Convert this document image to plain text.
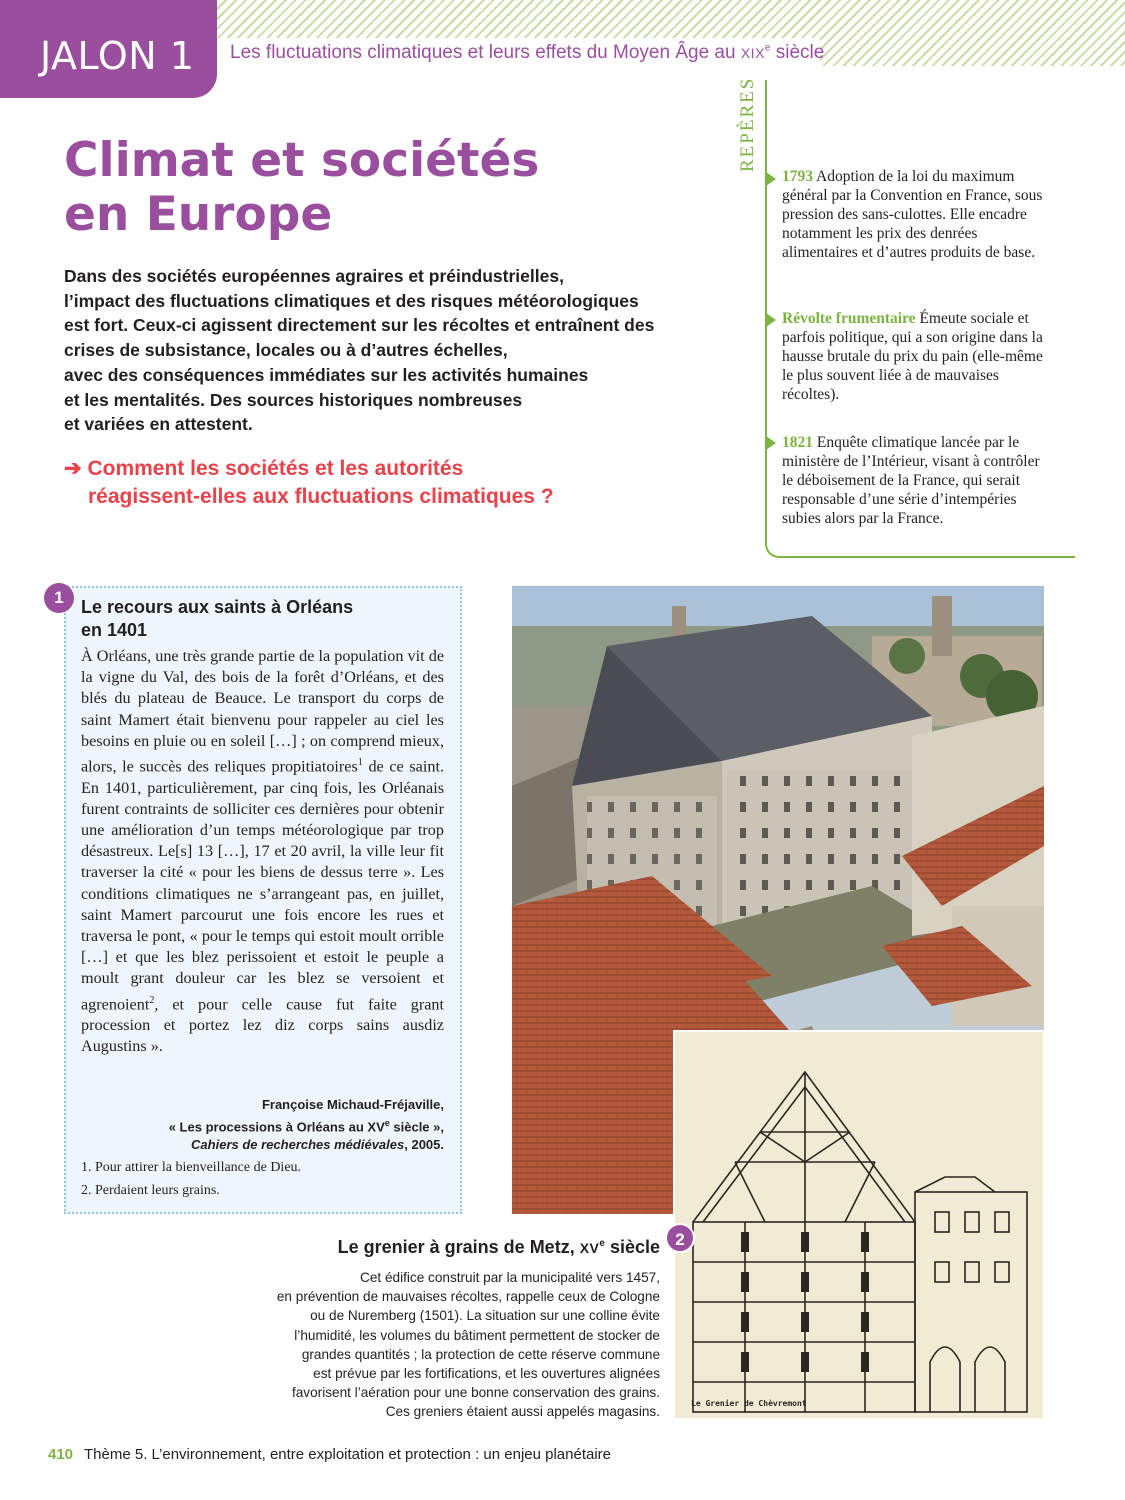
JALON 1 Les fluctuations climatiques et leurs effets du Moyen Âge au XIXe siècle
Climat et sociétés
en Europe
Dans des sociétés européennes agraires et préindustrielles,
l’impact des fluctuations climatiques et des risques météorologiques
est fort. Ceux-ci agissent directement sur les récoltes et entraînent des
crises de subsistance, locales ou à d’autres échelles,
avec des conséquences immédiates sur les activités humaines
et les mentalités. Des sources historiques nombreuses
et variées en attestent.
➔ Comment les sociétés et les autorités
réagissent-elles aux fluctuations climatiques ?
REPÈRES
1793 Adoption de la loi du maximum général par la Convention en France, sous pression des sans-culottes. Elle encadre notamment les prix des denrées alimentaires et d’autres produits de base.
Révolte frumentaire Émeute sociale et parfois politique, qui a son origine dans la hausse brutale du prix du pain (elle-même le plus souvent liée à de mauvaises récoltes).
1821 Enquête climatique lancée par le ministère de l’Intérieur, visant à contrôler le déboisement de la France, qui serait responsable d’une série d’intempéries subies alors par la France.
1 Le recours aux saints à Orléans
en 1401
À Orléans, une très grande partie de la population vit de la vigne du Val, des bois de la forêt d’Orléans, et des blés du plateau de Beauce. Le transport du corps de saint Mamert était bienvenu pour rappeler au ciel les besoins en pluie ou en soleil […] ; on comprend mieux, alors, le succès des reliques propitiatoires$^1$ de ce saint. En 1401, particulièrement, par cinq fois, les Orléanais furent contraints de solliciter ces dernières pour obtenir une amélioration d’un temps météorologique par trop désastreux. Le[s] 13 […], 17 et 20 avril, la ville leur fit traverser la cité « pour les biens de dessus terre ». Les conditions climatiques ne s’arrangeant pas, en juillet, saint Mamert parcourut une fois encore les rues et traversa le pont, « pour le temps qui estoit moult orrible […] et que les blez perissoient et estoit le peuple a moult grant douleur car les blez se versoient et agrenoient$^2$, et pour celle cause fut faite grant procession et portez lez diz corps sains ausdiz Augustins ».
Françoise Michaud-Fréjaville,
« Les processions à Orléans au XVe siècle »,
Cahiers de recherches médiévales, 2005.
1. Pour attirer la bienveillance de Dieu.
2. Perdaient leurs grains.
Le Grenier de Chèvremont
2
Le grenier à grains de Metz, XVe siècle
Cet édifice construit par la municipalité vers 1457,
en prévention de mauvaises récoltes, rappelle ceux de Cologne
ou de Nuremberg (1501). La situation sur une colline évite
l’humidité, les volumes du bâtiment permettent de stocker de
grandes quantités ; la protection de cette réserve commune
est prévue par les fortifications, et les ouvertures alignées
favorisent l’aération pour une bonne conservation des grains.
Ces greniers étaient aussi appelés magasins.
410 Thème 5. L’environnement, entre exploitation et protection : un enjeu planétaire
